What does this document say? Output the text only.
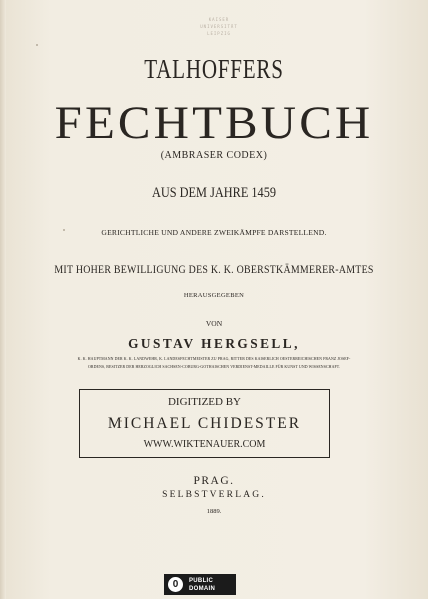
KAISER
UNIVERSITÄT
LEIPZIG
TALHOFFERS
FECHTBUCH
(AMBRASER CODEX)
AUS DEM JAHRE 1459
GERICHTLICHE UND ANDERE ZWEIKÄMPFE DARSTELLEND.
MIT HOHER BEWILLIGUNG DES K. K. OBERSTKÄMMERER-AMTES
HERAUSGEGEBEN
VON
GUSTAV HERGSELL,
K. K. HAUPTMANN DER K. K. LANDWEHR, K. LANDESFECHTMEISTER ZU PRAG, RITTER DES KAISERLICH OESTERREICHISCHEN FRANZ JOSEF-
ORDENS, BESITZER DER HERZOGLICH SACHSEN-COBURG-GOTHAISCHEN VERDIENST-MEDAILLE FÜR KUNST UND WISSENSCHAFT.
DIGITIZED BY
MICHAEL CHIDESTER
WWW.WIKTENAUER.COM
PRAG.
SELBSTVERLAG.
1889.
0	PUBLIC
DOMAIN
